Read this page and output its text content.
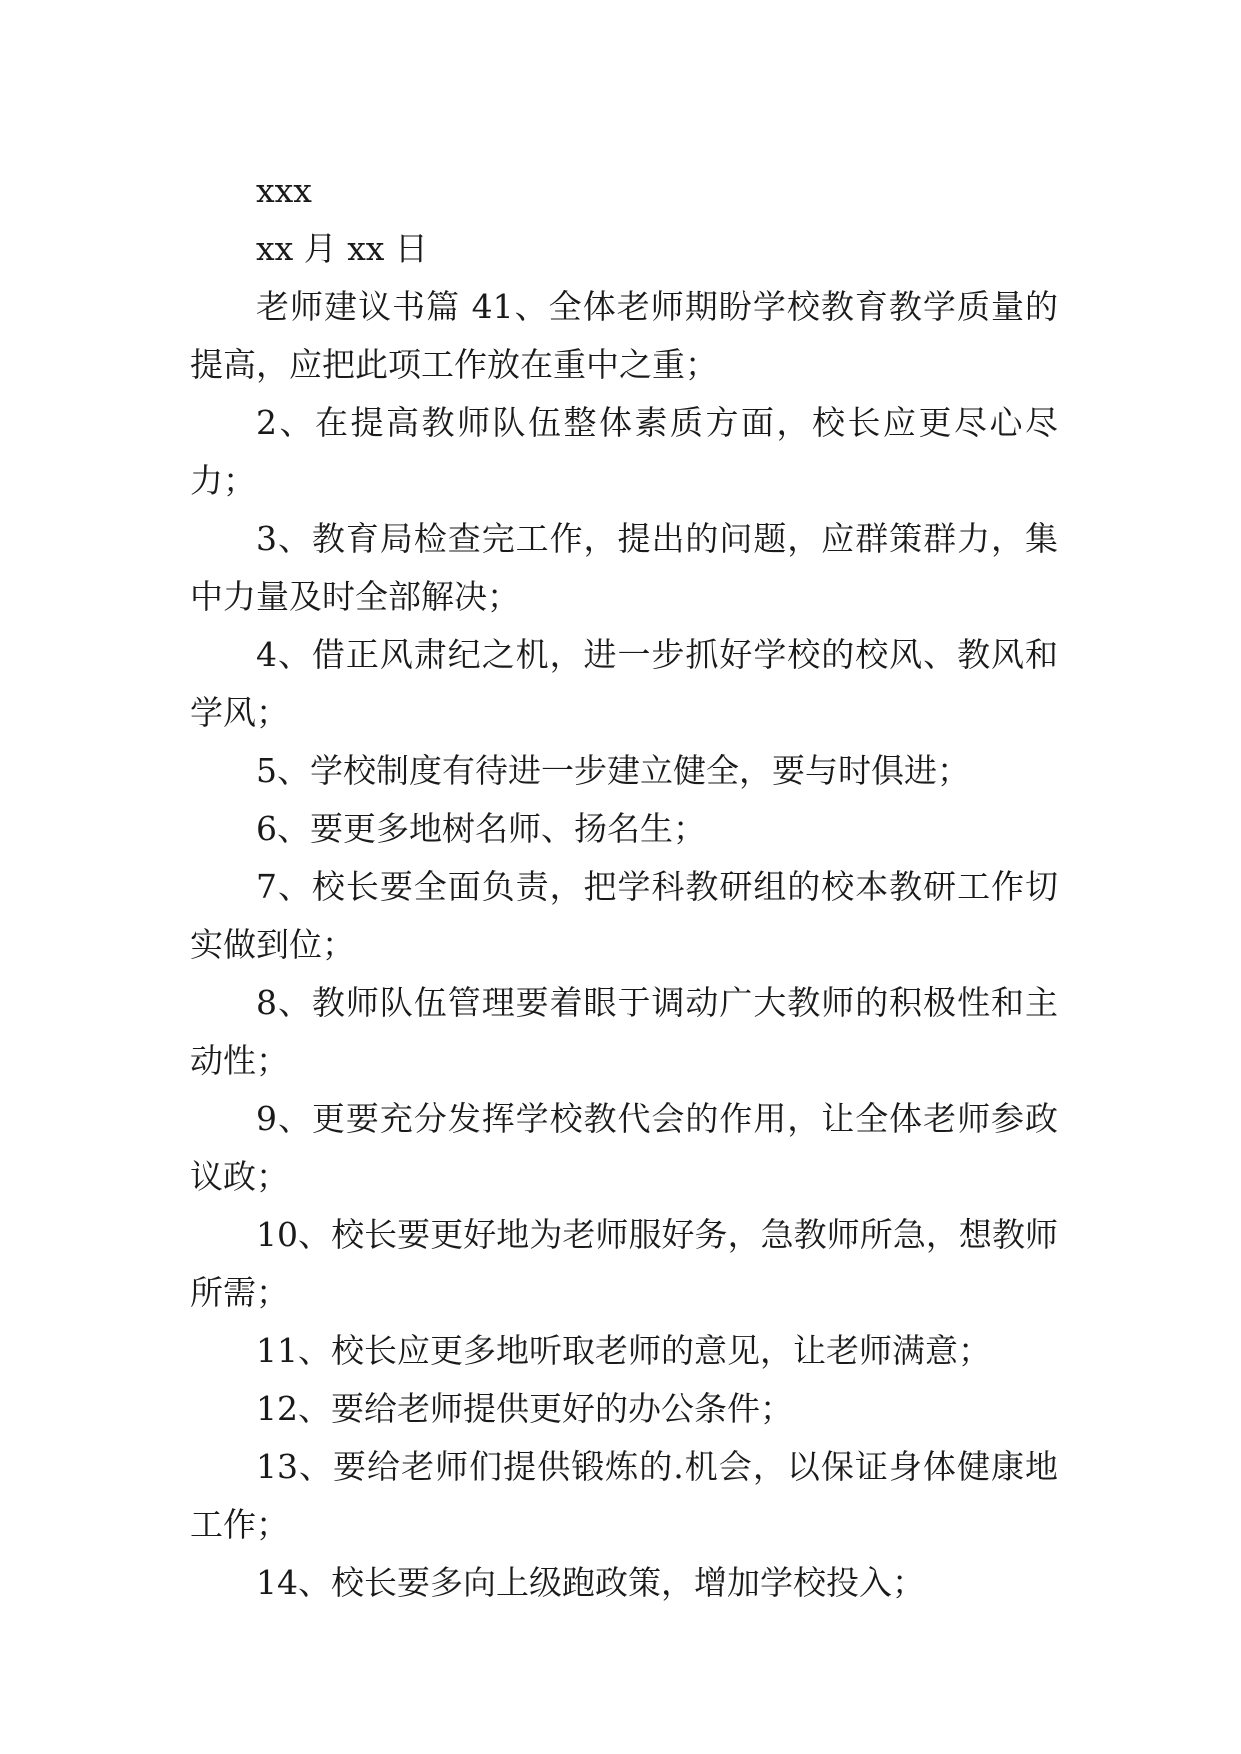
xxx

xx 月 xx 日

老师建议书篇 41、全体老师期盼学校教育教学质量的提高，应把此项工作放在重中之重；

2、在提高教师队伍整体素质方面，校长应更尽心尽力；

3、教育局检查完工作，提出的问题，应群策群力，集中力量及时全部解决；

4、借正风肃纪之机，进一步抓好学校的校风、教风和学风；

5、学校制度有待进一步建立健全，要与时俱进；

6、要更多地树名师、扬名生；

7、校长要全面负责，把学科教研组的校本教研工作切实做到位；

8、教师队伍管理要着眼于调动广大教师的积极性和主动性；

9、更要充分发挥学校教代会的作用，让全体老师参政议政；

10、校长要更好地为老师服好务，急教师所急，想教师所需；

11、校长应更多地听取老师的意见，让老师满意；

12、要给老师提供更好的办公条件；

13、要给老师们提供锻炼的.机会，以保证身体健康地工作；

14、校长要多向上级跑政策，增加学校投入；
